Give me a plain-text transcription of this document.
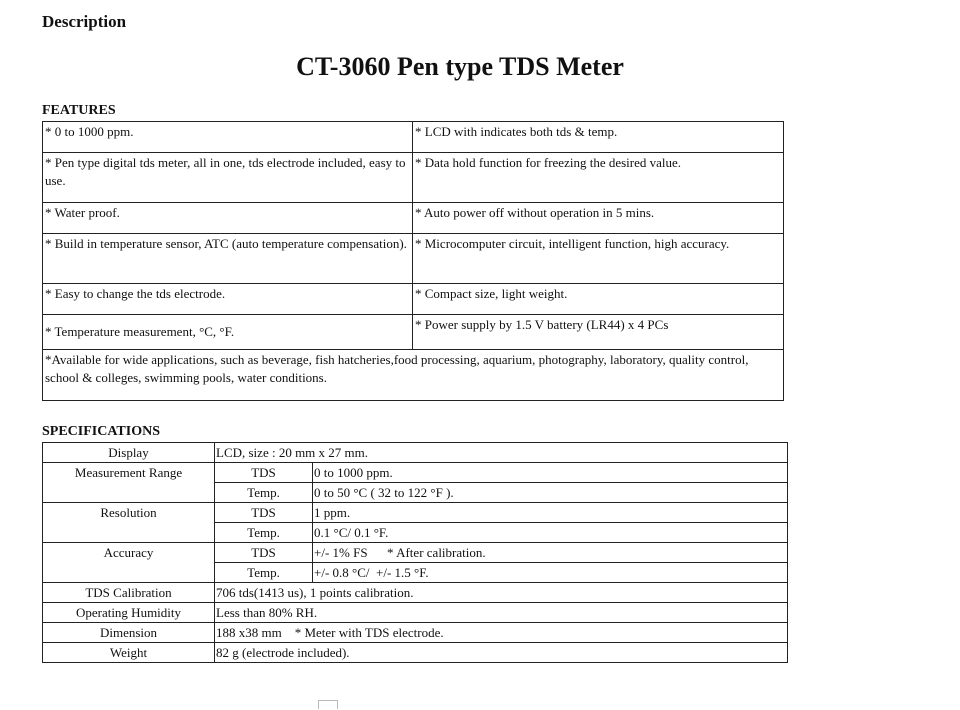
Description
CT-3060 Pen type TDS Meter
FEATURES
* 0 to 1000 ppm.	* LCD with indicates both tds & temp.
* Pen type digital tds meter, all in one, tds electrode included, easy to use.	* Data hold function for freezing the desired value.
* Water proof.	* Auto power off without operation in 5 mins.
* Build in temperature sensor, ATC (auto temperature compensation).	* Microcomputer circuit, intelligent function, high accuracy.
* Easy to change the tds electrode.	* Compact size, light weight.
* Temperature measurement, °C, °F.	* Power supply by 1.5 V battery (LR44) x 4 PCs
*Available for wide applications, such as beverage, fish hatcheries,food processing, aquarium, photography, laboratory, quality control, school & colleges, swimming pools, water conditions.	
SPECIFICATIONS
Display	LCD, size : 20 mm x 27 mm.	
Measurement Range	TDS	0 to 1000 ppm.
	Temp.	0 to 50 °C ( 32 to 122 °F ).
Resolution	TDS	1 ppm.
	Temp.	0.1 °C/ 0.1 °F.
Accuracy	TDS	+/- 1% FS      * After calibration.
	Temp.	+/- 0.8 °C/  +/- 1.5 °F.
TDS Calibration	706 tds(1413 us), 1 points calibration.	
Operating Humidity	Less than 80% RH.	
Dimension	188 x38 mm    * Meter with TDS electrode.	
Weight	82 g (electrode included).	
